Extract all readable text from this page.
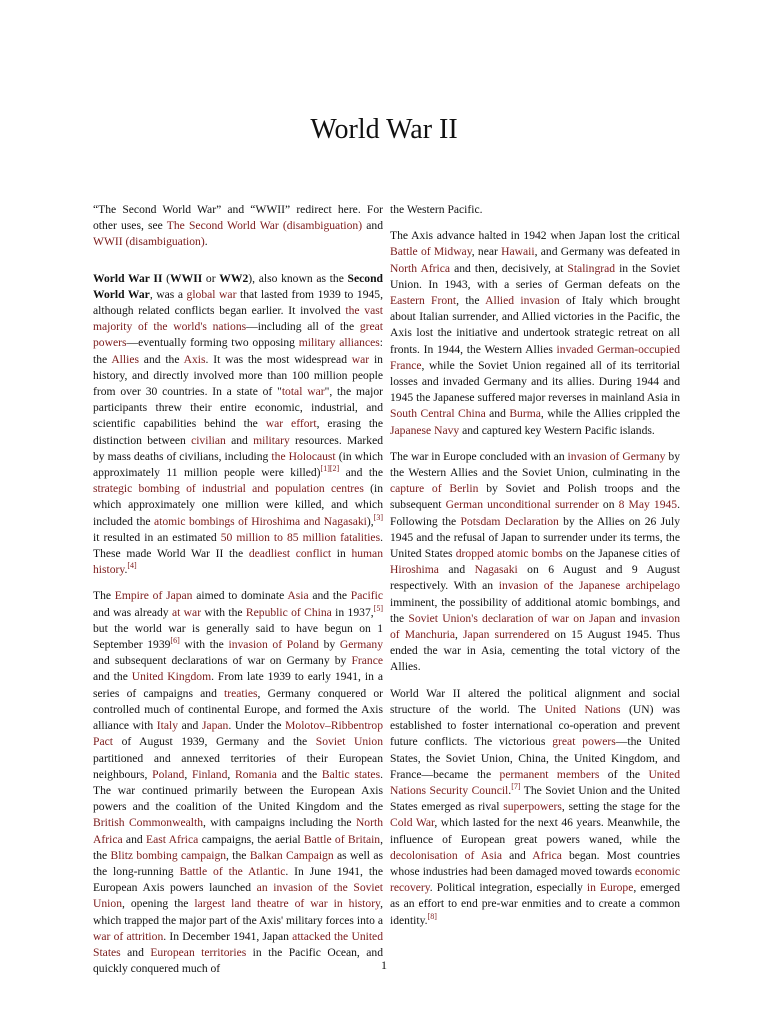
World War II

“The Second World War” and “WWII” redirect here. For other uses, see The Second World War (disambiguation) and WWII (disambiguation).

World War II (WWII or WW2), also known as the Second World War, was a global war that lasted from 1939 to 1945, although related conflicts began earlier. It involved the vast majority of the world's nations—including all of the great powers—eventually forming two opposing military alliances: the Allies and the Axis. It was the most widespread war in history, and directly involved more than 100 million people from over 30 countries. In a state of "total war", the major participants threw their entire economic, industrial, and scientific capabilities behind the war effort, erasing the distinction between civilian and military resources. Marked by mass deaths of civilians, including the Holocaust (in which approximately 11 million people were killed)[1][2] and the strategic bombing of industrial and population centres (in which approximately one million were killed, and which included the atomic bombings of Hiroshima and Nagasaki),[3] it resulted in an estimated 50 million to 85 million fatalities. These made World War II the deadliest conflict in human history.[4]

The Empire of Japan aimed to dominate Asia and the Pacific and was already at war with the Republic of China in 1937,[5] but the world war is generally said to have begun on 1 September 1939[6] with the invasion of Poland by Germany and subsequent declarations of war on Germany by France and the United Kingdom. From late 1939 to early 1941, in a series of campaigns and treaties, Germany conquered or controlled much of continental Europe, and formed the Axis alliance with Italy and Japan. Under the Molotov–Ribbentrop Pact of August 1939, Germany and the Soviet Union partitioned and annexed territories of their European neighbours, Poland, Finland, Romania and the Baltic states. The war continued primarily between the European Axis powers and the coalition of the United Kingdom and the British Commonwealth, with campaigns including the North Africa and East Africa campaigns, the aerial Battle of Britain, the Blitz bombing campaign, the Balkan Campaign as well as the long-running Battle of the Atlantic. In June 1941, the European Axis powers launched an invasion of the Soviet Union, opening the largest land theatre of war in history, which trapped the major part of the Axis' military forces into a war of attrition. In December 1941, Japan attacked the United States and European territories in the Pacific Ocean, and quickly conquered much of

the Western Pacific.

The Axis advance halted in 1942 when Japan lost the critical Battle of Midway, near Hawaii, and Germany was defeated in North Africa and then, decisively, at Stalingrad in the Soviet Union. In 1943, with a series of German defeats on the Eastern Front, the Allied invasion of Italy which brought about Italian surrender, and Allied victories in the Pacific, the Axis lost the initiative and undertook strategic retreat on all fronts. In 1944, the Western Allies invaded German-occupied France, while the Soviet Union regained all of its territorial losses and invaded Germany and its allies. During 1944 and 1945 the Japanese suffered major reverses in mainland Asia in South Central China and Burma, while the Allies crippled the Japanese Navy and captured key Western Pacific islands.

The war in Europe concluded with an invasion of Germany by the Western Allies and the Soviet Union, culminating in the capture of Berlin by Soviet and Polish troops and the subsequent German unconditional surrender on 8 May 1945. Following the Potsdam Declaration by the Allies on 26 July 1945 and the refusal of Japan to surrender under its terms, the United States dropped atomic bombs on the Japanese cities of Hiroshima and Nagasaki on 6 August and 9 August respectively. With an invasion of the Japanese archipelago imminent, the possibility of additional atomic bombings, and the Soviet Union's declaration of war on Japan and invasion of Manchuria, Japan surrendered on 15 August 1945. Thus ended the war in Asia, cementing the total victory of the Allies.

World War II altered the political alignment and social structure of the world. The United Nations (UN) was established to foster international co-operation and prevent future conflicts. The victorious great powers—the United States, the Soviet Union, China, the United Kingdom, and France—became the permanent members of the United Nations Security Council.[7] The Soviet Union and the United States emerged as rival superpowers, setting the stage for the Cold War, which lasted for the next 46 years. Meanwhile, the influence of European great powers waned, while the decolonisation of Asia and Africa began. Most countries whose industries had been damaged moved towards economic recovery. Political integration, especially in Europe, emerged as an effort to end pre-war enmities and to create a common identity.[8]

1
